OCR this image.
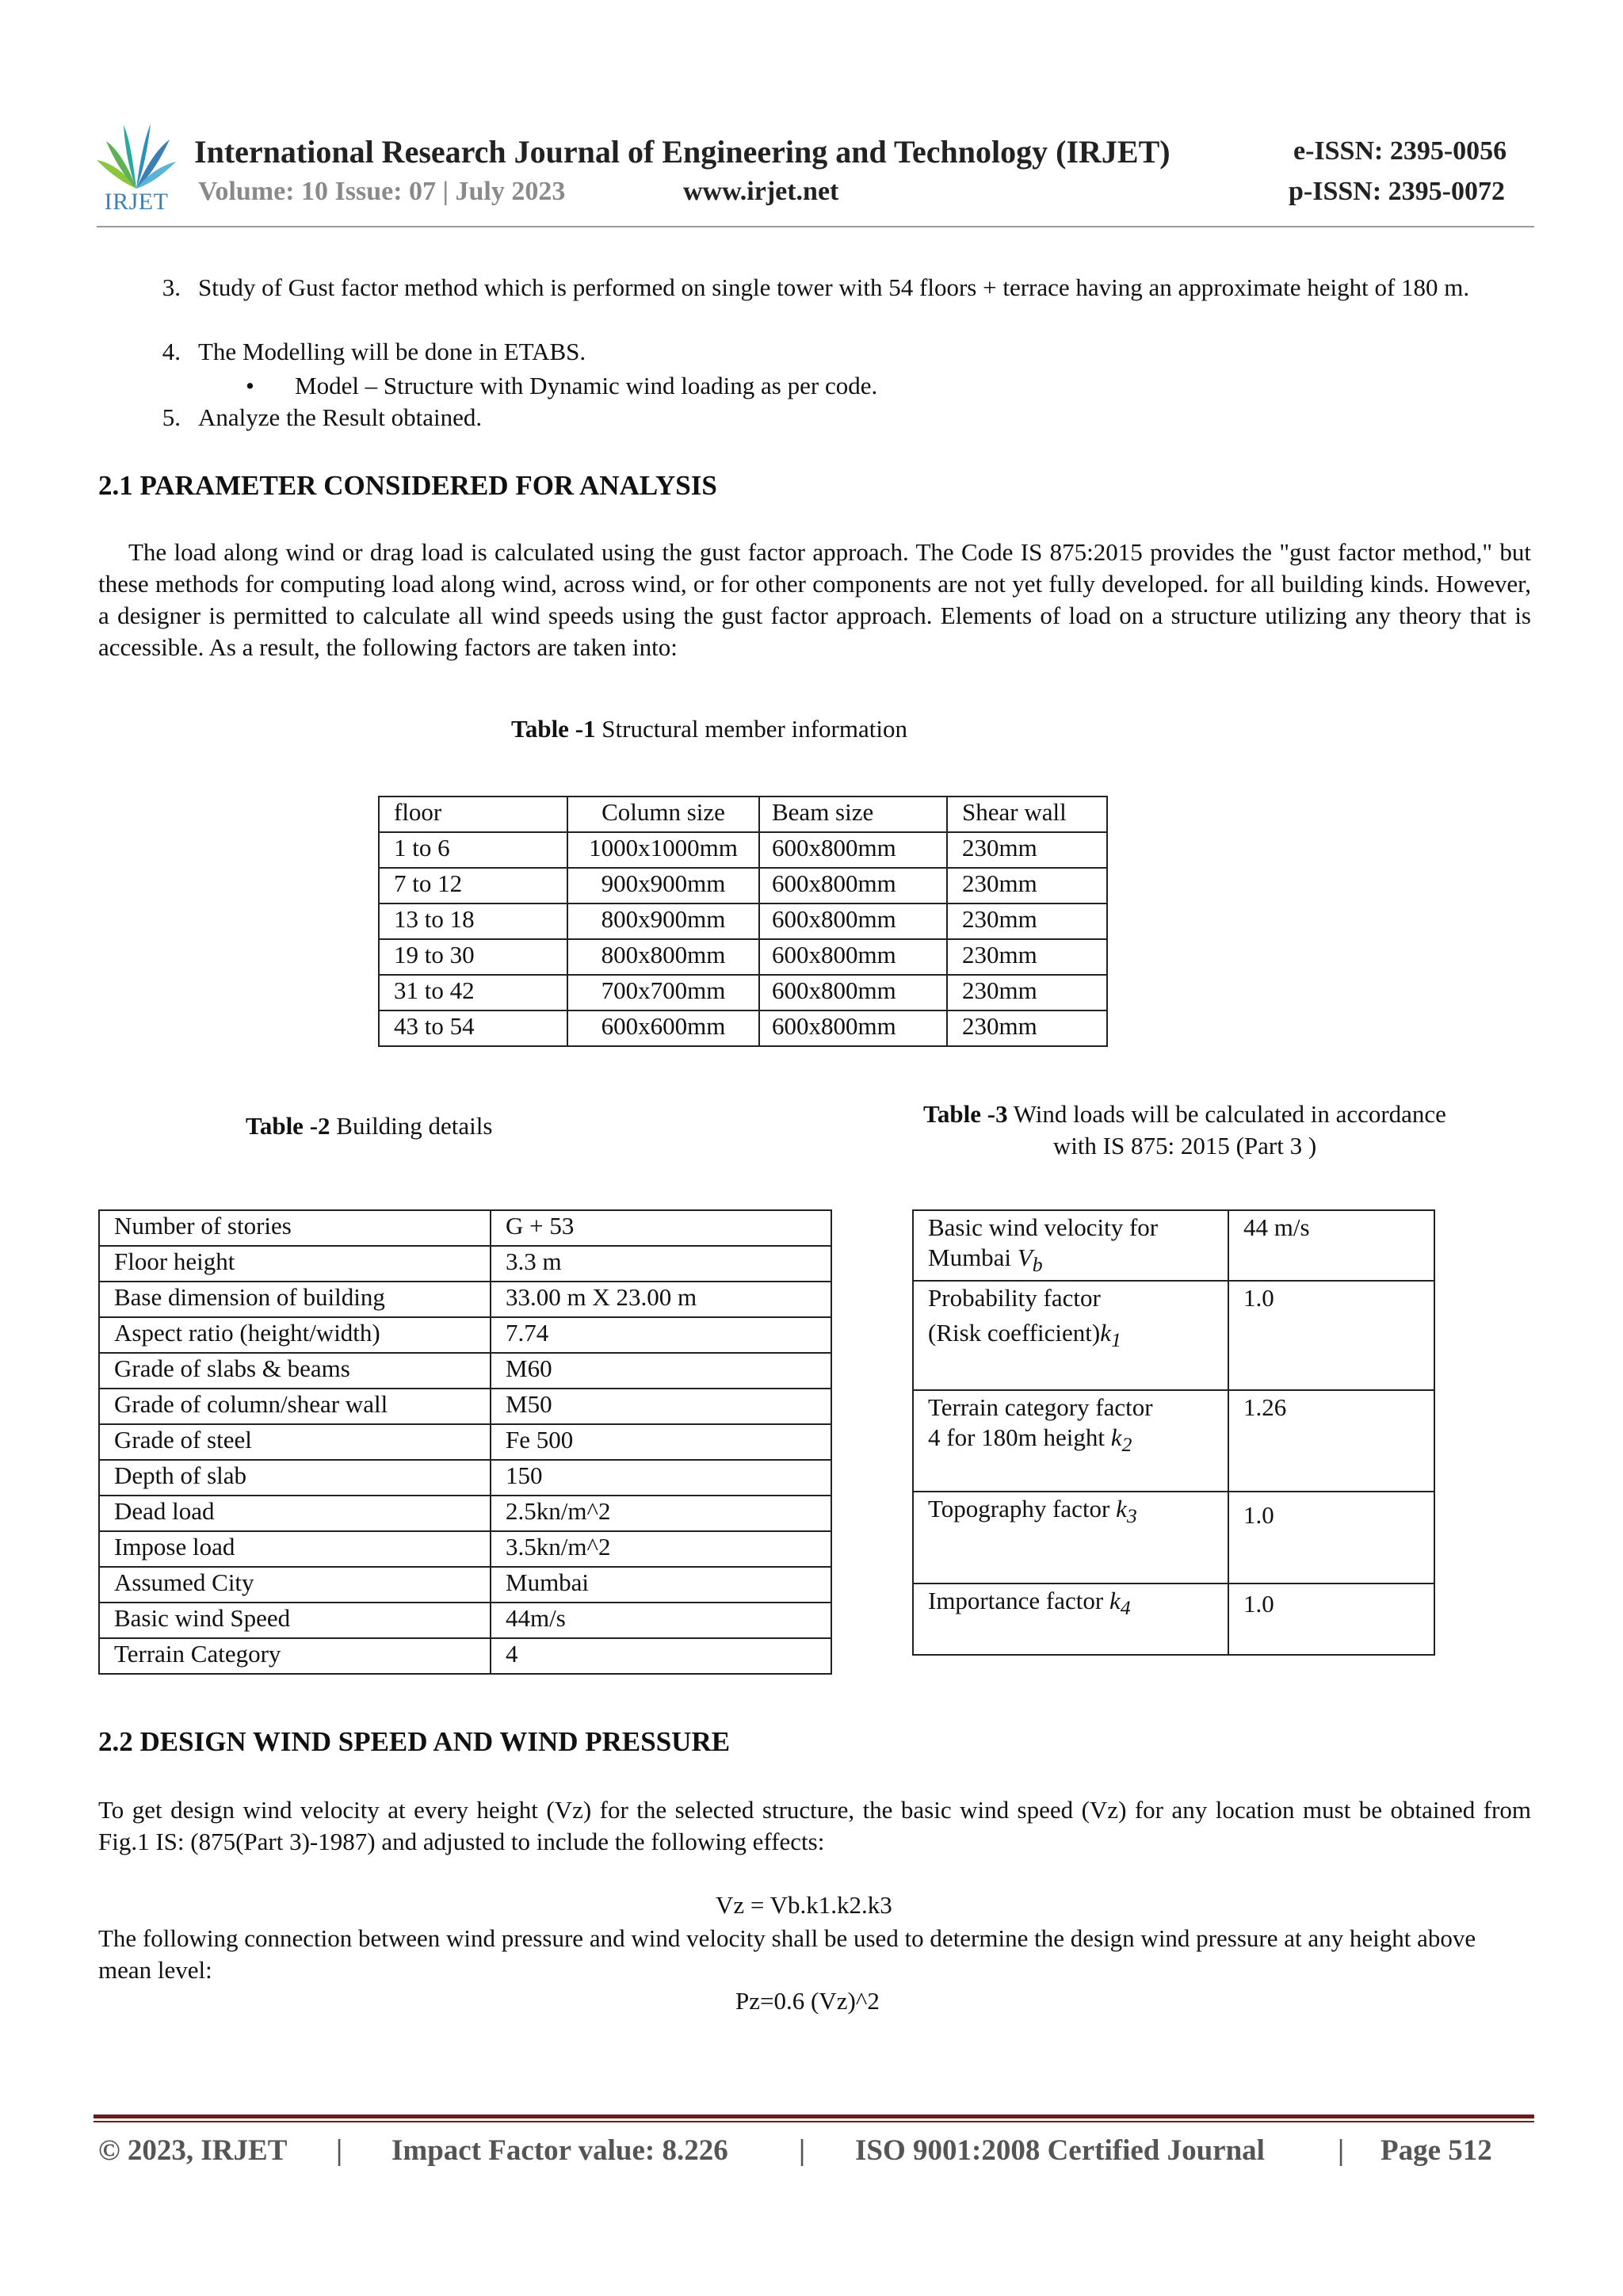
IRJET
International Research Journal of Engineering and Technology (IRJET)	e-ISSN: 2395-0056
Volume: 10 Issue: 07 | July 2023	www.irjet.net	p-ISSN: 2395-0072
3. Study of Gust factor method which is performed on single tower with 54 floors + terrace having an approximate height of 180 m.
4. The Modelling will be done in ETABS.
• Model – Structure with Dynamic wind loading as per code.
5. Analyze the Result obtained.
2.1 PARAMETER CONSIDERED FOR ANALYSIS
The load along wind or drag load is calculated using the gust factor approach. The Code IS 875:2015 provides the "gust factor method," but these methods for computing load along wind, across wind, or for other components are not yet fully developed. for all building kinds. However, a designer is permitted to calculate all wind speeds using the gust factor approach. Elements of load on a structure utilizing any theory that is accessible. As a result, the following factors are taken into:
Table -1 Structural member information
floor	Column size	Beam size	Shear wall
1 to 6	1000x1000mm	600x800mm	230mm
7 to 12	900x900mm	600x800mm	230mm
13 to 18	800x900mm	600x800mm	230mm
19 to 30	800x800mm	600x800mm	230mm
31 to 42	700x700mm	600x800mm	230mm
43 to 54	600x600mm	600x800mm	230mm
Table -2 Building details	Table -3 Wind loads will be calculated in accordance
with IS 875: 2015 (Part 3 )
Number of stories	G + 53
Floor height	3.3 m
Base dimension of building	33.00 m X 23.00 m
Aspect ratio (height/width)	7.74
Grade of slabs & beams	M60
Grade of column/shear wall	M50
Grade of steel	Fe 500
Depth of slab	150
Dead load	2.5kn/m^2
Impose load	3.5kn/m^2
Assumed City	Mumbai
Basic wind Speed	44m/s
Terrain Category	4
Basic wind velocity for
Mumbai $V_b$	44 m/s

Probability factor
(Risk $coefficient)k_1$	1.0

Terrain category factor
4 for 180m height $k_2$	1.26
Topography factor $k_3$	1.0
Importance factor $k_4$	1.0
2.2 DESIGN WIND SPEED AND WIND PRESSURE
To get design wind velocity at every height (Vz) for the selected structure, the basic wind speed (Vz) for any location must be obtained from Fig.1 IS: (875(Part 3)-1987) and adjusted to include the following effects:
Vz = Vb.k1.k2.k3
The following connection between wind pressure and wind velocity shall be used to determine the design wind pressure at any height above mean level:
Pz=0.6 (Vz)^2
© 2023, IRJET | Impact Factor value: 8.226 | ISO 9001:2008 Certified Journal | Page 512
